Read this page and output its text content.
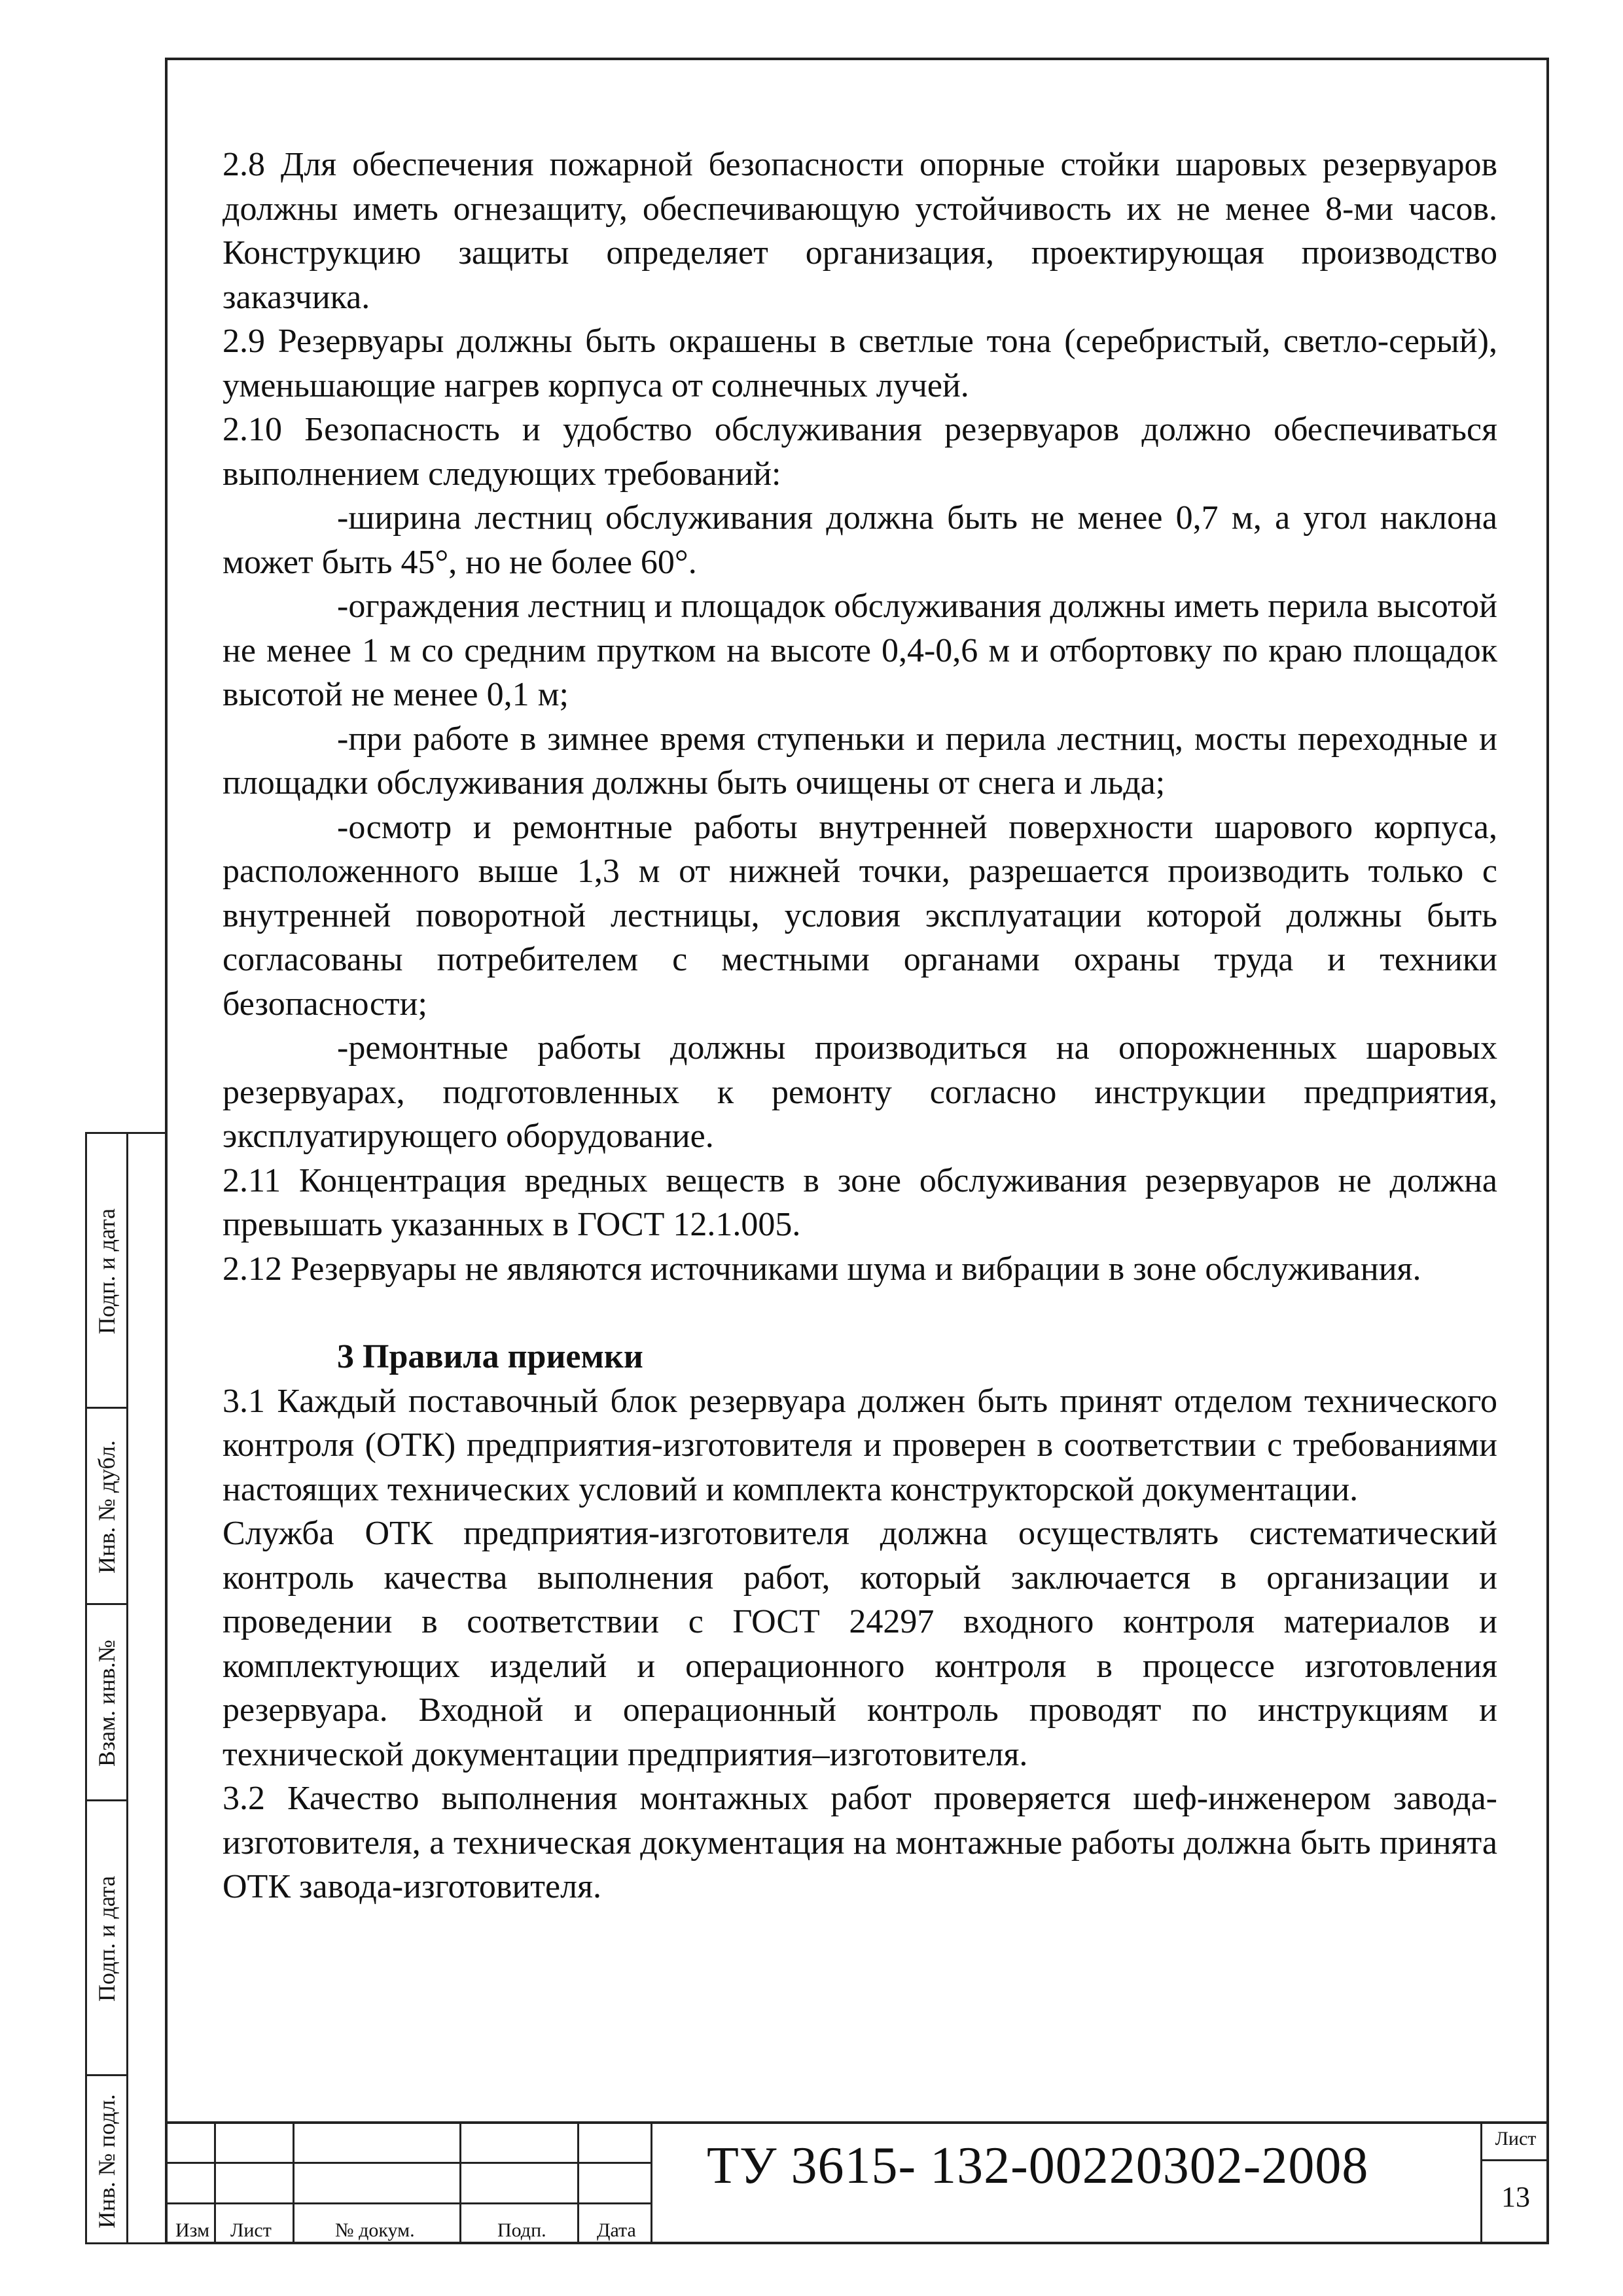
Подп. и дата
Инв. № дубл.
Взам. инв.№
Подп. и дата
Инв. № подл.

2.8 Для обеспечения пожарной безопасности опорные стойки шаровых резервуаров должны иметь огнезащиту, обеспечивающую устойчивость их не менее 8-ми часов. Конструкцию защиты определяет организация, проектирующая производство заказчика.

2.9 Резервуары должны быть окрашены в светлые тона (серебристый, светло-серый), уменьшающие нагрев корпуса от солнечных лучей.

2.10 Безопасность и удобство обслуживания резервуаров должно обеспечиваться выполнением следующих требований:

-ширина лестниц обслуживания должна быть не менее 0,7 м, а угол наклона может быть 45°, но не более 60°.

-ограждения лестниц и площадок обслуживания должны иметь перила высотой не менее 1 м со средним прутком на высоте 0,4-0,6 м и отбортовку по краю площадок высотой не менее 0,1 м;

-при работе в зимнее время ступеньки и перила лестниц, мосты переходные и площадки обслуживания должны быть очищены от снега и льда;

-осмотр и ремонтные работы внутренней поверхности шарового корпуса, расположенного выше 1,3 м от нижней точки, разрешается производить только с внутренней поворотной лестницы, условия эксплуатации которой должны быть согласованы потребителем с местными органами охраны труда и техники безопасности;

-ремонтные работы должны производиться на опорожненных шаровых резервуарах, подготовленных к ремонту согласно инструкции предприятия, эксплуатирующего оборудование.

2.11 Концентрация вредных веществ в зоне обслуживания резервуаров не должна превышать указанных в ГОСТ 12.1.005.

2.12 Резервуары не являются источниками шума и вибрации в зоне обслуживания.

3 Правила приемки

3.1 Каждый поставочный блок резервуара должен быть принят отделом технического контроля (ОТК) предприятия-изготовителя и проверен в соответствии с требованиями настоящих технических условий и комплекта конструкторской документации.

Служба ОТК предприятия-изготовителя должна осуществлять систематический контроль качества выполнения работ, который заключается в организации и проведении в соответствии с ГОСТ 24297 входного контроля материалов и комплектующих изделий и операционного контроля в процессе изготовления резервуара. Входной и операционный контроль проводят по инструкциям и технической документации предприятия–изготовителя.

3.2 Качество выполнения монтажных работ проверяется шеф-инженером завода-изготовителя, а техническая документация на монтажные работы должна быть принята ОТК завода-изготовителя.

Изм Лист	№ докум.	Подп.	Дата
ТУ 3615- 132-00220302-2008	Лист
13
